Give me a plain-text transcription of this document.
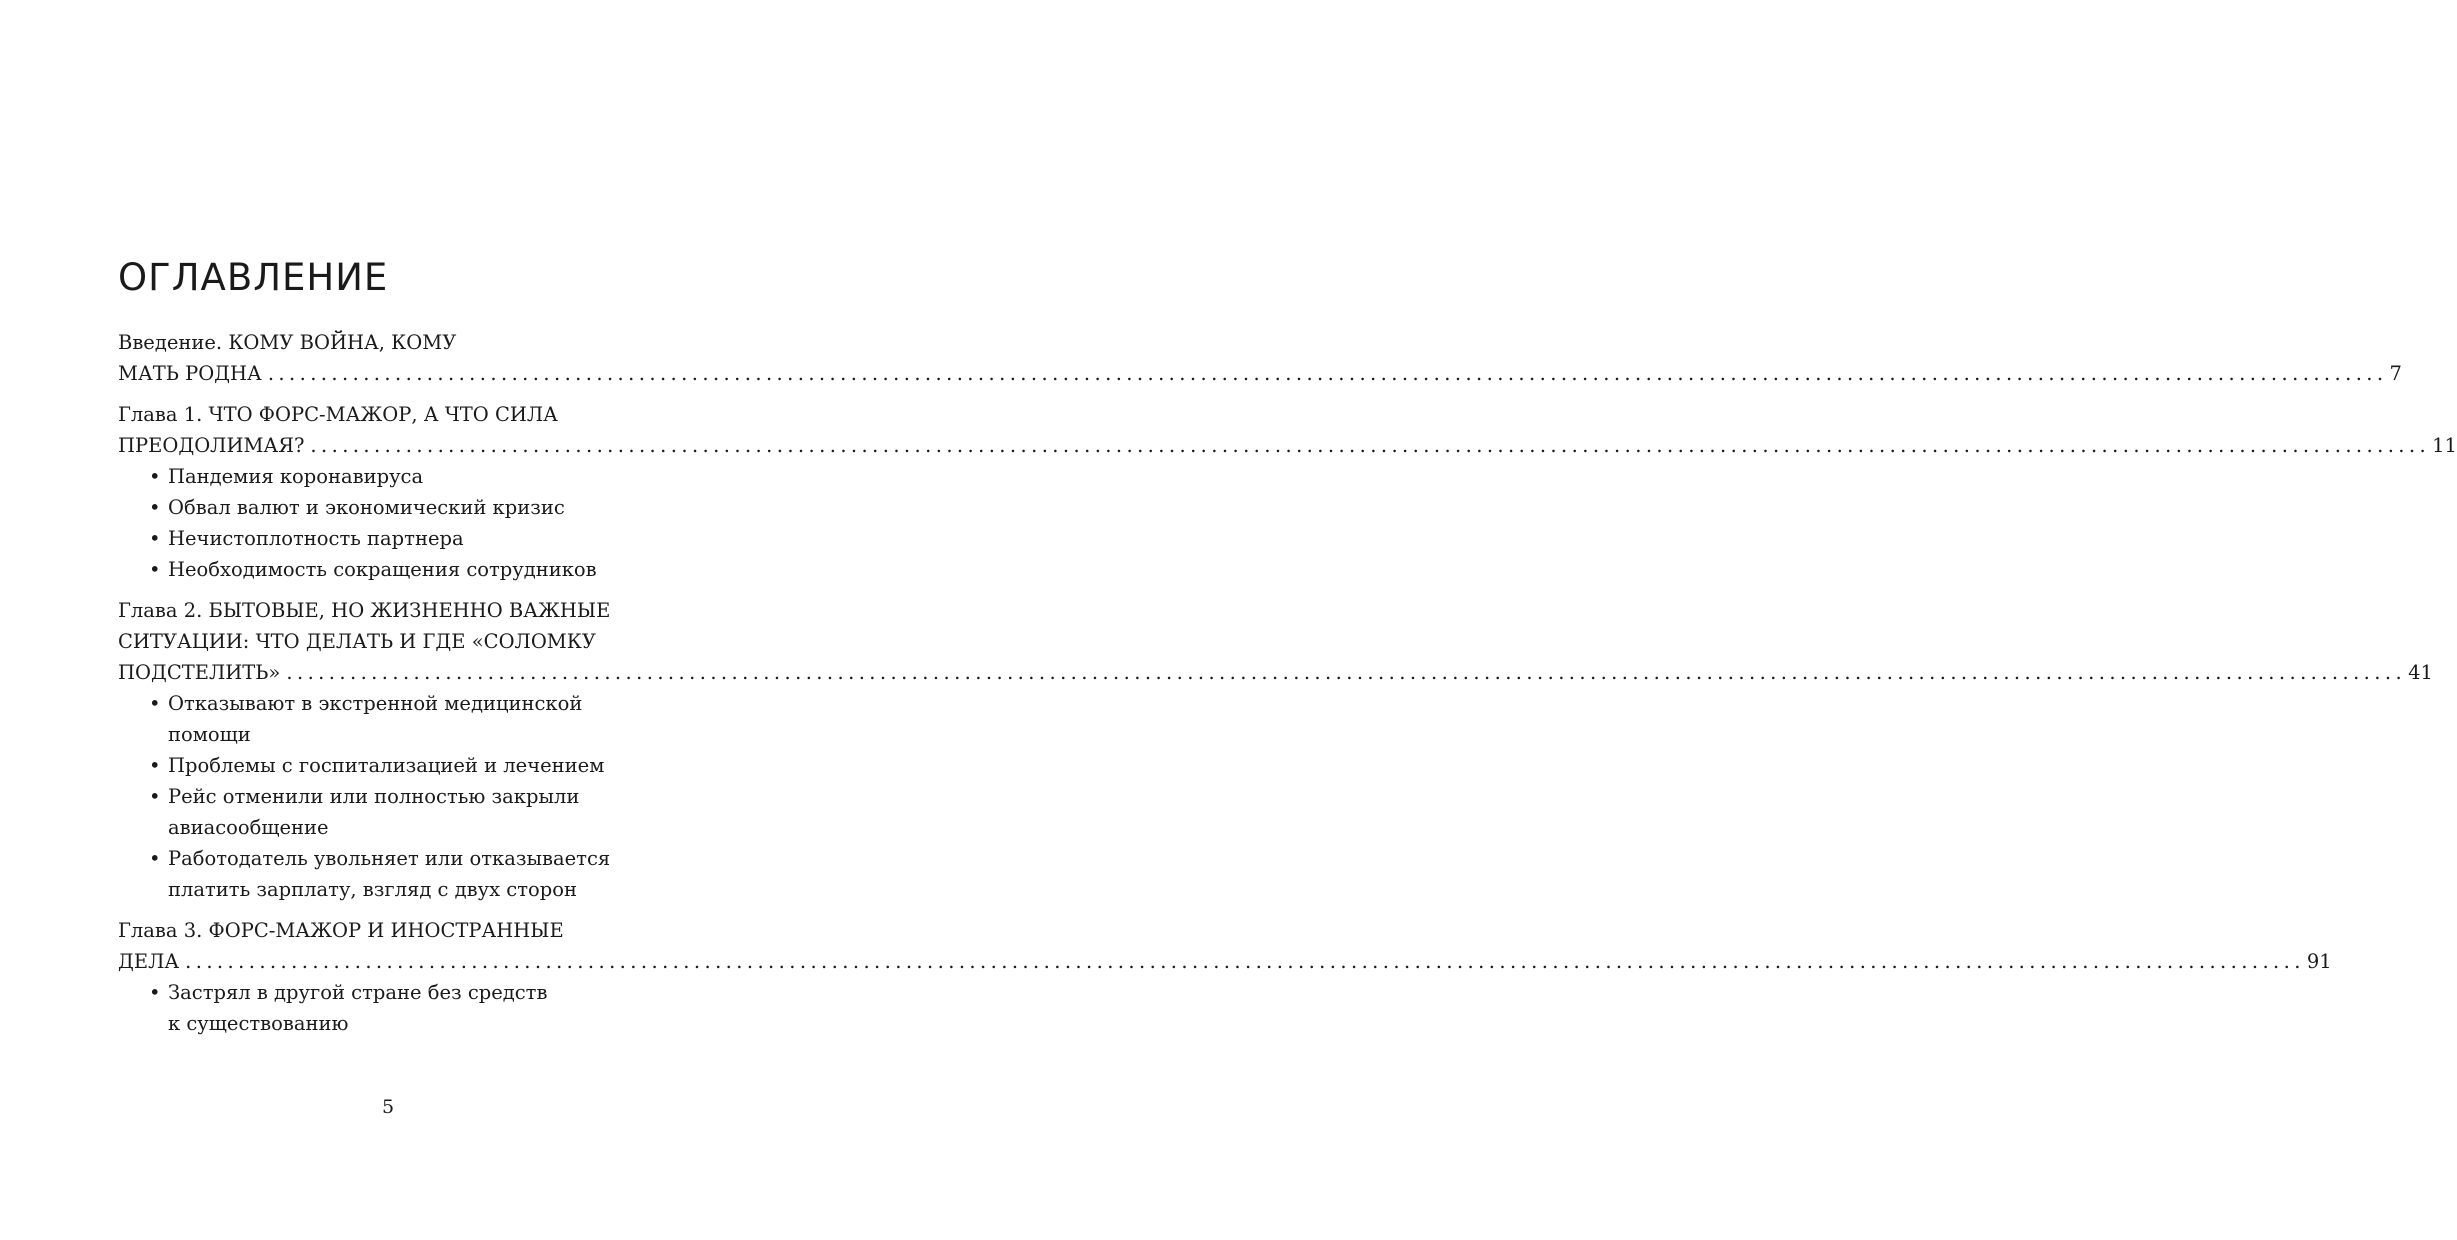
ОГЛАВЛЕНИЕ
Введение. КОМУ ВОЙНА, КОМУ
МАТЬ РОДНА ........................................................................................................................................................................................................ 7
Глава 1. ЧТО ФОРС-МАЖОР, А ЧТО СИЛА
ПРЕОДОЛИМАЯ? ........................................................................................................................................................................................................ 11
• Пандемия коронавируса
• Обвал валют и экономический кризис
• Нечистоплотность партнера
• Необходимость сокращения сотрудников
Глава 2. БЫТОВЫЕ, НО ЖИЗНЕННО ВАЖНЫЕ
СИТУАЦИИ: ЧТО ДЕЛАТЬ И ГДЕ «СОЛОМКУ
ПОДСТЕЛИТЬ» ........................................................................................................................................................................................................ 41
• Отказывают в экстренной медицинской
помощи
• Проблемы с госпитализацией и лечением
• Рейс отменили или полностью закрыли
авиасообщение
• Работодатель увольняет или отказывается
платить зарплату, взгляд с двух сторон
Глава 3. ФОРС-МАЖОР И ИНОСТРАННЫЕ
ДЕЛА ........................................................................................................................................................................................................ 91
• Застрял в другой стране без средств
к существованию
5
